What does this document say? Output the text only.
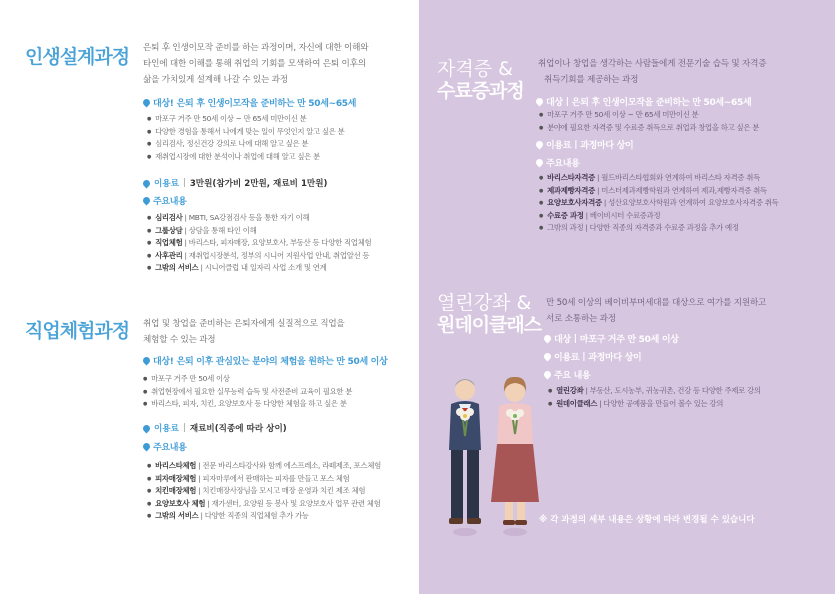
인생설계과정 은퇴 후 인생이모작 준비를 하는 과정이며, 자신에 대한 이해와
타인에 대한 이해를 통해 취업의 기회를 모색하여 은퇴 이후의
삶을 가치있게 설계해 나갈 수 있는 과정
대상! 은퇴 후 인생이모작을 준비하는 만 50세~65세
● 마포구 거주 만 50세 이상 ~ 만 65세 미만이신 분
● 다양한 경험을 통해서 나에게 맞는 일이 무엇인지 알고 싶은 분
● 심리검사, 정신건강 강의로 나에 대해 알고 싶은 분
● 재취업시장에 대한 분석이나 취업에 대해 알고 싶은 분
이용료 | 3만원(참가비 2만원, 재료비 1만원)
주요내용
● 심리검사 | MBTI, SA강점검사 등을 통한 자기 이해
● 그룹상담 | 상담을 통해 타인 이해
● 직업체험 | 바리스타, 피자매장, 요양보호사, 부동산 등 다양한 직업체험
● 사후관리 | 재취업시장분석, 정부의 시니어 지원사업 안내, 취업알선 등
● 그밖의 서비스 | 시니어클럽 내 일자리 사업 소개 및 연계
직업체험과정 취업 및 창업을 준비하는 은퇴자에게 실질적으로 직업을
체험할 수 있는 과정
대상! 은퇴 이후 관심있는 분야의 체험을 원하는 만 50세 이상
● 마포구 거주 만 50세 이상
● 취업현장에서 필요한 실무능력 습득 및 사전준비 교육이 필요한 분
● 바리스타, 피자, 치킨, 요양보호사 등 다양한 체험을 하고 싶은 분
이용료 | 재료비(직종에 따라 상이)
주요내용
● 바리스타체험 | 전문 바리스타강사와 함께 에스프레소, 라떼제조, 포스체험
● 피자매장체험 | 피자마루에서 판매하는 피자를 만들고 포스 체험
● 치킨매장체험 | 치킨매장사장님을 모시고 매장 운영과 치킨 제조 체험
● 요양보호사 체험 | 재가센터, 요양원 등 봉사 및 요양보호사 업무 관련 체험
● 그밖의 서비스 | 다양한 직종의 직업체험 추가 가능
자격증 &
수료증과정
취업이나 창업을 생각하는 사람들에게 전문기술 습득 및 자격증
취득기회를 제공하는 과정
대상 | 은퇴 후 인생이모작을 준비하는 만 50세~65세
● 마포구 거주 만 50세 이상 ~ 만 65세 미만이신 분
● 분야에 필요한 자격증 및 수료증 취득으로 취업과 창업을 하고 싶은 분
이용료 | 과정마다 상이
주요내용
● 바리스타자격증 | 월드바리스타협회와 연계하여 바리스타 자격증 취득
● 제과제빵자격증 | 미스터제과제빵학원과 연계하여 제과,제빵자격증 취득
● 요양보호사자격증 | 성산요양보호사학원과 연계하여 요양보호사자격증 취득
● 수료증 과정 | 베이비시터 수료증과정
● 그밖의 과정 | 다양한 직종의 자격증과 수료증 과정을 추가 예정
열린강좌 &
원데이클래스
만 50세 이상의 베이비부머세대를 대상으로 여가를 지원하고
서로 소통하는 과정
대상 | 마포구 거주 만 50세 이상
이용료 | 과정마다 상이
주요 내용
● 열린강좌 | 부동산, 도시농부, 귀농귀촌, 건강 등 다양한 주제로 강의
● 원데이클래스 | 다양한 공예품을 만들어 볼수 있는 강의
※ 각 과정의 세부 내용은 상황에 따라 변경될 수 있습니다
